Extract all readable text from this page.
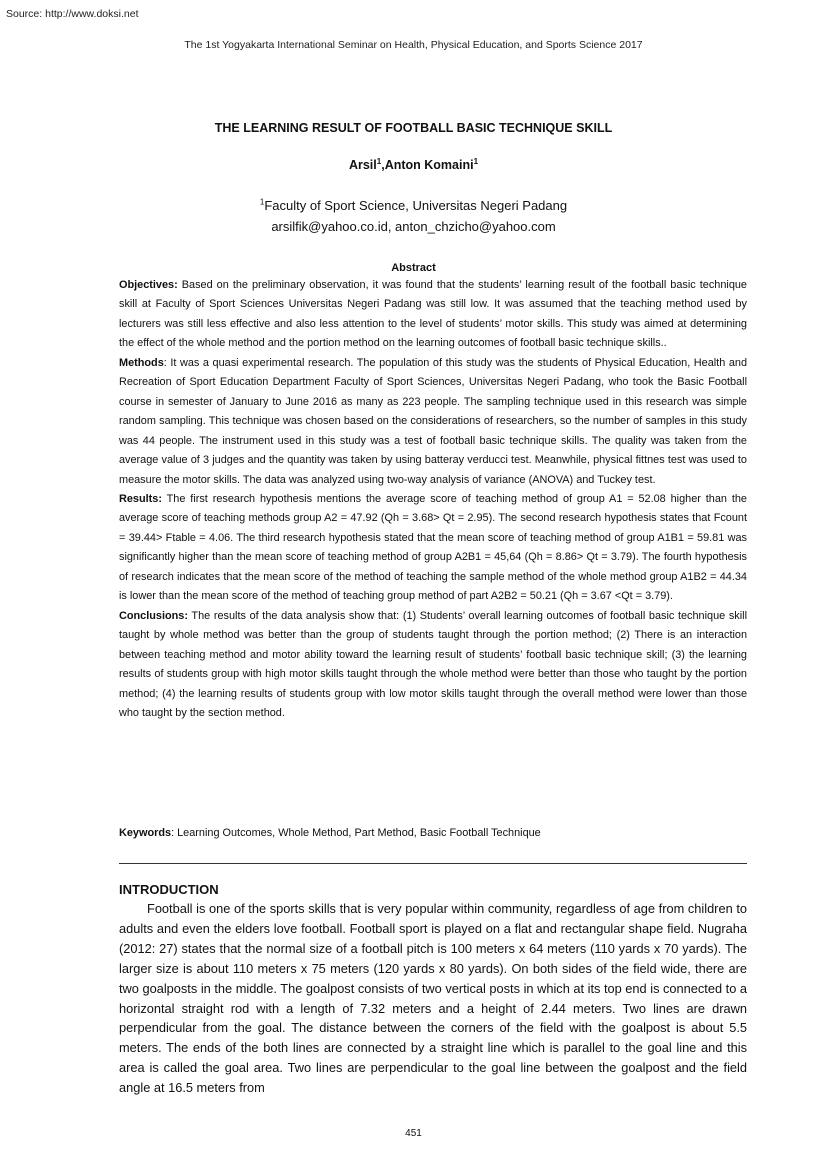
Source: http://www.doksi.net
The 1st Yogyakarta International Seminar on Health, Physical Education, and Sports Science 2017
THE LEARNING RESULT OF FOOTBALL BASIC TECHNIQUE SKILL
Arsil$^1$,Anton Komaini$^1$
$^1$Faculty of Sport Science, Universitas Negeri Padang
arsilfik@yahoo.co.id, anton_chzicho@yahoo.com
Abstract

Objectives: Based on the preliminary observation, it was found that the students’ learning result of the football basic technique skill at Faculty of Sport Sciences Universitas Negeri Padang was still low. It was assumed that the teaching method used by lecturers was still less effective and also less attention to the level of students’ motor skills. This study was aimed at determining the effect of the whole method and the portion method on the learning outcomes of football basic technique skills..

Methods: It was a quasi experimental research. The population of this study was the students of Physical Education, Health and Recreation of Sport Education Department Faculty of Sport Sciences, Universitas Negeri Padang, who took the Basic Football course in semester of January to June 2016 as many as 223 people. The sampling technique used in this research was simple random sampling. This technique was chosen based on the considerations of researchers, so the number of samples in this study was 44 people. The instrument used in this study was a test of football basic technique skills. The quality was taken from the average value of 3 judges and the quantity was taken by using batteray verducci test. Meanwhile, physical fittnes test was used to measure the motor skills. The data was analyzed using two-way analysis of variance (ANOVA) and Tuckey test.

Results: The first research hypothesis mentions the average score of teaching method of group A1 = 52.08 higher than the average score of teaching methods group A2 = 47.92 (Qh = 3.68> Qt = 2.95). The second research hypothesis states that Fcount = 39.44> Ftable = 4.06. The third research hypothesis stated that the mean score of teaching method of group A1B1 = 59.81 was significantly higher than the mean score of teaching method of group A2B1 = 45,64 (Qh = 8.86> Qt = 3.79). The fourth hypothesis of research indicates that the mean score of the method of teaching the sample method of the whole method group A1B2 = 44.34 is lower than the mean score of the method of teaching group method of part A2B2 = 50.21 (Qh = 3.67 <Qt = 3.79).

Conclusions: The results of the data analysis show that: (1) Students’ overall learning outcomes of football basic technique skill taught by whole method was better than the group of students taught through the portion method; (2) There is an interaction between teaching method and motor ability toward the learning result of students’ football basic technique skill; (3) the learning results of students group with high motor skills taught through the whole method were better than those who taught by the portion method; (4) the learning results of students group with low motor skills taught through the overall method were lower than those who taught by the section method.

Keywords: Learning Outcomes, Whole Method, Part Method, Basic Football Technique
INTRODUCTION

Football is one of the sports skills that is very popular within community, regardless of age from children to adults and even the elders love football. Football sport is played on a flat and rectangular shape field. Nugraha (2012: 27) states that the normal size of a football pitch is 100 meters x 64 meters (110 yards x 70 yards). The larger size is about 110 meters x 75 meters (120 yards x 80 yards). On both sides of the field wide, there are two goalposts in the middle. The goalpost consists of two vertical posts in which at its top end is connected to a horizontal straight rod with a length of 7.32 meters and a height of 2.44 meters. Two lines are drawn perpendicular from the goal. The distance between the corners of the field with the goalpost is about 5.5 meters. The ends of the both lines are connected by a straight line which is parallel to the goal line and this area is called the goal area. Two lines are perpendicular to the goal line between the goalpost and the field angle at 16.5 meters from

451
